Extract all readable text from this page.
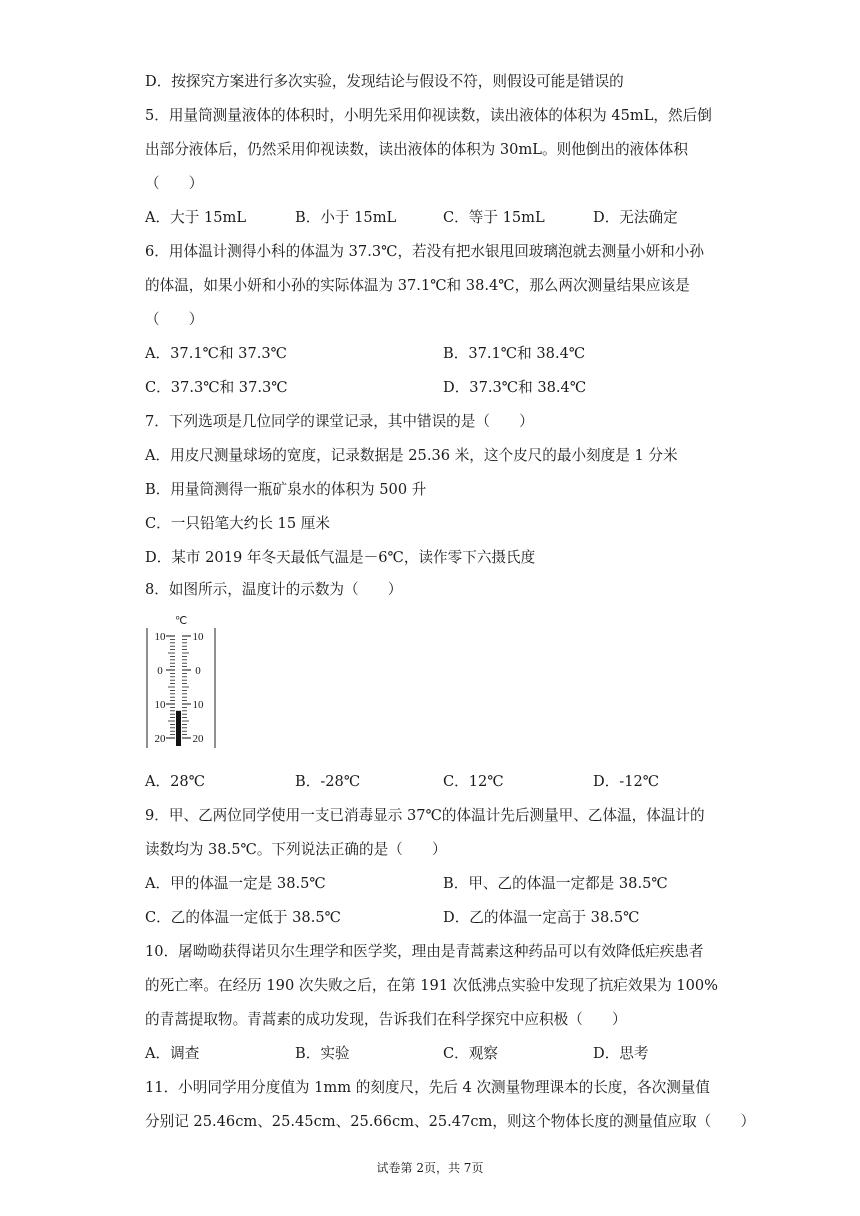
D．按探究方案进行多次实验，发现结论与假设不符，则假设可能是错误的
5．用量筒测量液体的体积时，小明先采用仰视读数，读出液体的体积为 45mL，然后倒
出部分液体后，仍然采用仰视读数，读出液体的体积为 30mL。则他倒出的液体体积
（　　）
A．大于 15mL	B．小于 15mL	C．等于 15mL	D．无法确定
6．用体温计测得小科的体温为 37.3℃，若没有把水银甩回玻璃泡就去测量小妍和小孙
的体温，如果小妍和小孙的实际体温为 37.1℃和 38.4℃，那么两次测量结果应该是
（　　）
A．37.1℃和 37.3℃	B．37.1℃和 38.4℃
C．37.3℃和 37.3℃	D．37.3℃和 38.4℃
7．下列选项是几位同学的课堂记录，其中错误的是（　　）
A．用皮尺测量球场的宽度，记录数据是 25.36 米，这个皮尺的最小刻度是 1 分米
B．用量筒测得一瓶矿泉水的体积为 500 升
C．一只铅笔大约长 15 厘米
D．某市 2019 年冬天最低气温是－6℃，读作零下六摄氏度
8．如图所示，温度计的示数为（　　）
℃
10
0
10
20
10
0
10
20
A．28℃	B．-28℃	C．12℃	D．-12℃
9．甲、乙两位同学使用一支已消毒显示 37℃的体温计先后测量甲、乙体温，体温计的
读数均为 38.5℃。下列说法正确的是（　　）
A．甲的体温一定是 38.5℃	B．甲、乙的体温一定都是 38.5℃
C．乙的体温一定低于 38.5℃	D．乙的体温一定高于 38.5℃
10．屠呦呦获得诺贝尔生理学和医学奖，理由是青蒿素这种药品可以有效降低疟疾患者
的死亡率。在经历 190 次失败之后，在第 191 次低沸点实验中发现了抗疟效果为 100%
的青蒿提取物。青蒿素的成功发现，告诉我们在科学探究中应积极（　　）
A．调查	B．实验	C．观察	D．思考
11．小明同学用分度值为 1mm 的刻度尺，先后 4 次测量物理课本的长度，各次测量值
分别记 25.46cm、25.45cm、25.66cm、25.47cm，则这个物体长度的测量值应取（　　）
试卷第 2页，共 7页
